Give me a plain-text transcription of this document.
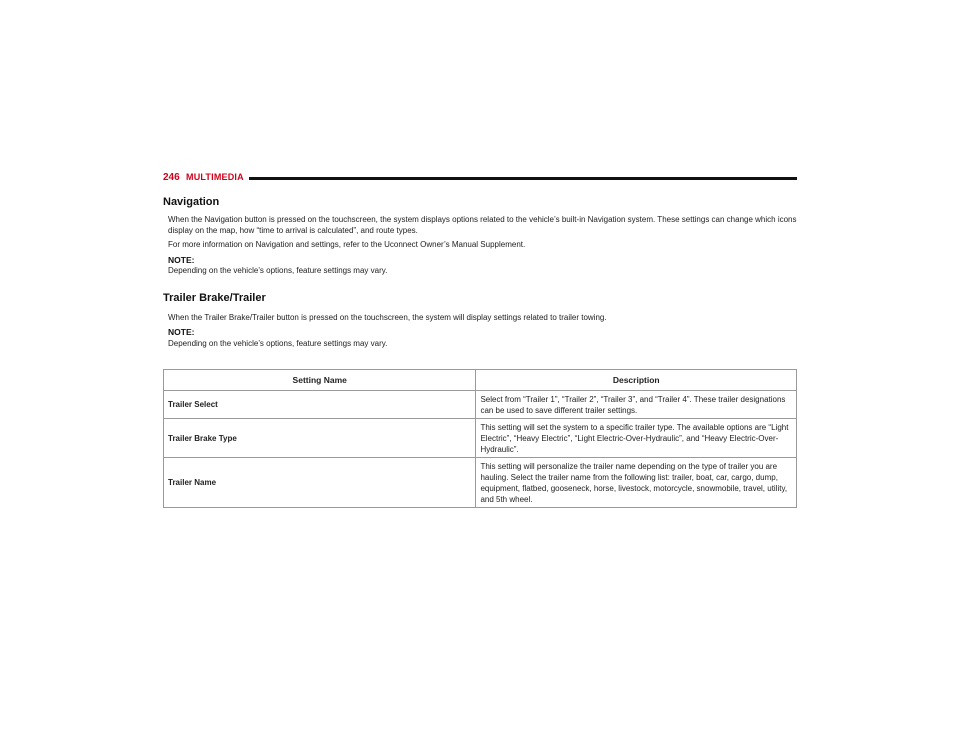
246 MULTIMEDIA
Navigation
When the Navigation button is pressed on the touchscreen, the system displays options related to the vehicle’s built-in Navigation system. These settings can change which icons display on the map, how “time to arrival is calculated”, and route types.
For more information on Navigation and settings, refer to the Uconnect Owner’s Manual Supplement.
NOTE:
Depending on the vehicle’s options, feature settings may vary.
Trailer Brake/Trailer
When the Trailer Brake/Trailer button is pressed on the touchscreen, the system will display settings related to trailer towing.
NOTE:
Depending on the vehicle’s options, feature settings may vary.
Setting Name	Description
Trailer Select	Select from “Trailer 1”, “Trailer 2”, “Trailer 3”, and “Trailer 4”. These trailer designations can be used to save different trailer settings.
Trailer Brake Type	This setting will set the system to a specific trailer type. The available options are “Light Electric”, “Heavy Electric”, “Light Electric-Over-Hydraulic”, and “Heavy Electric-Over-Hydraulic”.
Trailer Name	This setting will personalize the trailer name depending on the type of trailer you are hauling. Select the trailer name from the following list: trailer, boat, car, cargo, dump, equipment, flatbed, gooseneck, horse, livestock, motorcycle, snowmobile, travel, utility, and 5th wheel.
